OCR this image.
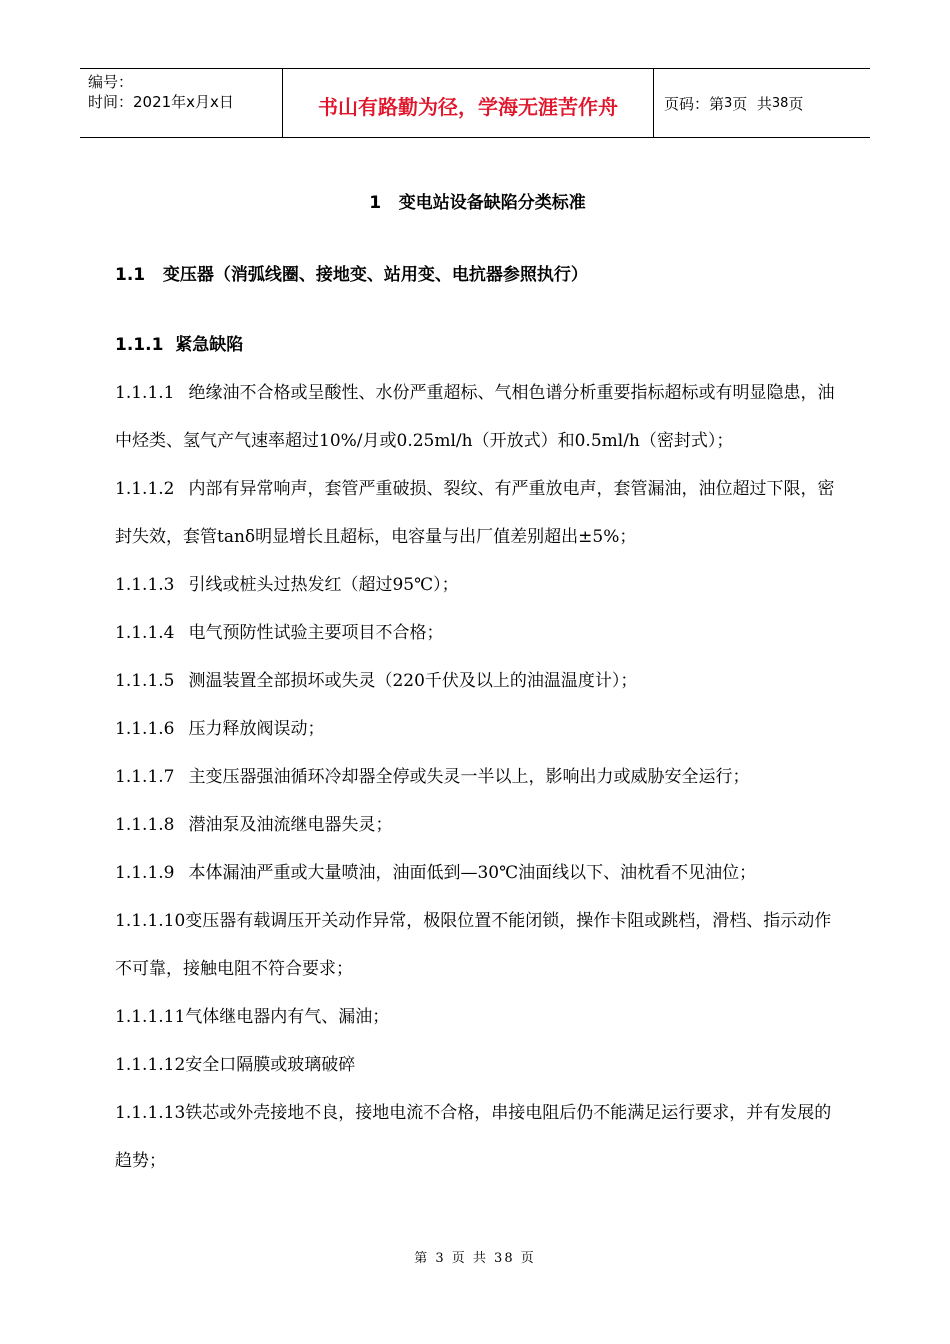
编号：
时间：2021年x月x日	书山有路勤为径，学海无涯苦作舟	页码：第 3 页  共 38 页
1   变电站设备缺陷分类标准
1.1   变压器（消弧线圈、接地变、站用变、电抗器参照执行）
1.1.1  紧急缺陷

1.1.1.1 绝缘油不合格或呈酸性、水份严重超标、气相色谱分析重要指标超标或有明显隐患，油中烃类、氢气产气速率超过10%/月或0.25ml/h（开放式）和0.5ml/h（密封式）；

1.1.1.2 内部有异常响声，套管严重破损、裂纹、有严重放电声，套管漏油，油位超过下限，密封失效，套管tanδ明显增长且超标，电容量与出厂值差别超出±5%；

1.1.1.3 引线或桩头过热发红（超过95℃）；

1.1.1.4 电气预防性试验主要项目不合格；

1.1.1.5 测温装置全部损坏或失灵（220千伏及以上的油温温度计）；

1.1.1.6 压力释放阀误动；

1.1.1.7 主变压器强油循环冷却器全停或失灵一半以上，影响出力或威胁安全运行；

1.1.1.8 潜油泵及油流继电器失灵；

1.1.1.9 本体漏油严重或大量喷油，油面低到—30℃油面线以下、油枕看不见油位；

1.1.1.10变压器有载调压开关动作异常，极限位置不能闭锁，操作卡阻或跳档，滑档、指示动作不可靠，接触电阻不符合要求；

1.1.1.11气体继电器内有气、漏油；

1.1.1.12安全口隔膜或玻璃破碎

1.1.1.13铁芯或外壳接地不良，接地电流不合格，串接电阻后仍不能满足运行要求，并有发展的趋势；

第 3 页 共 38 页
